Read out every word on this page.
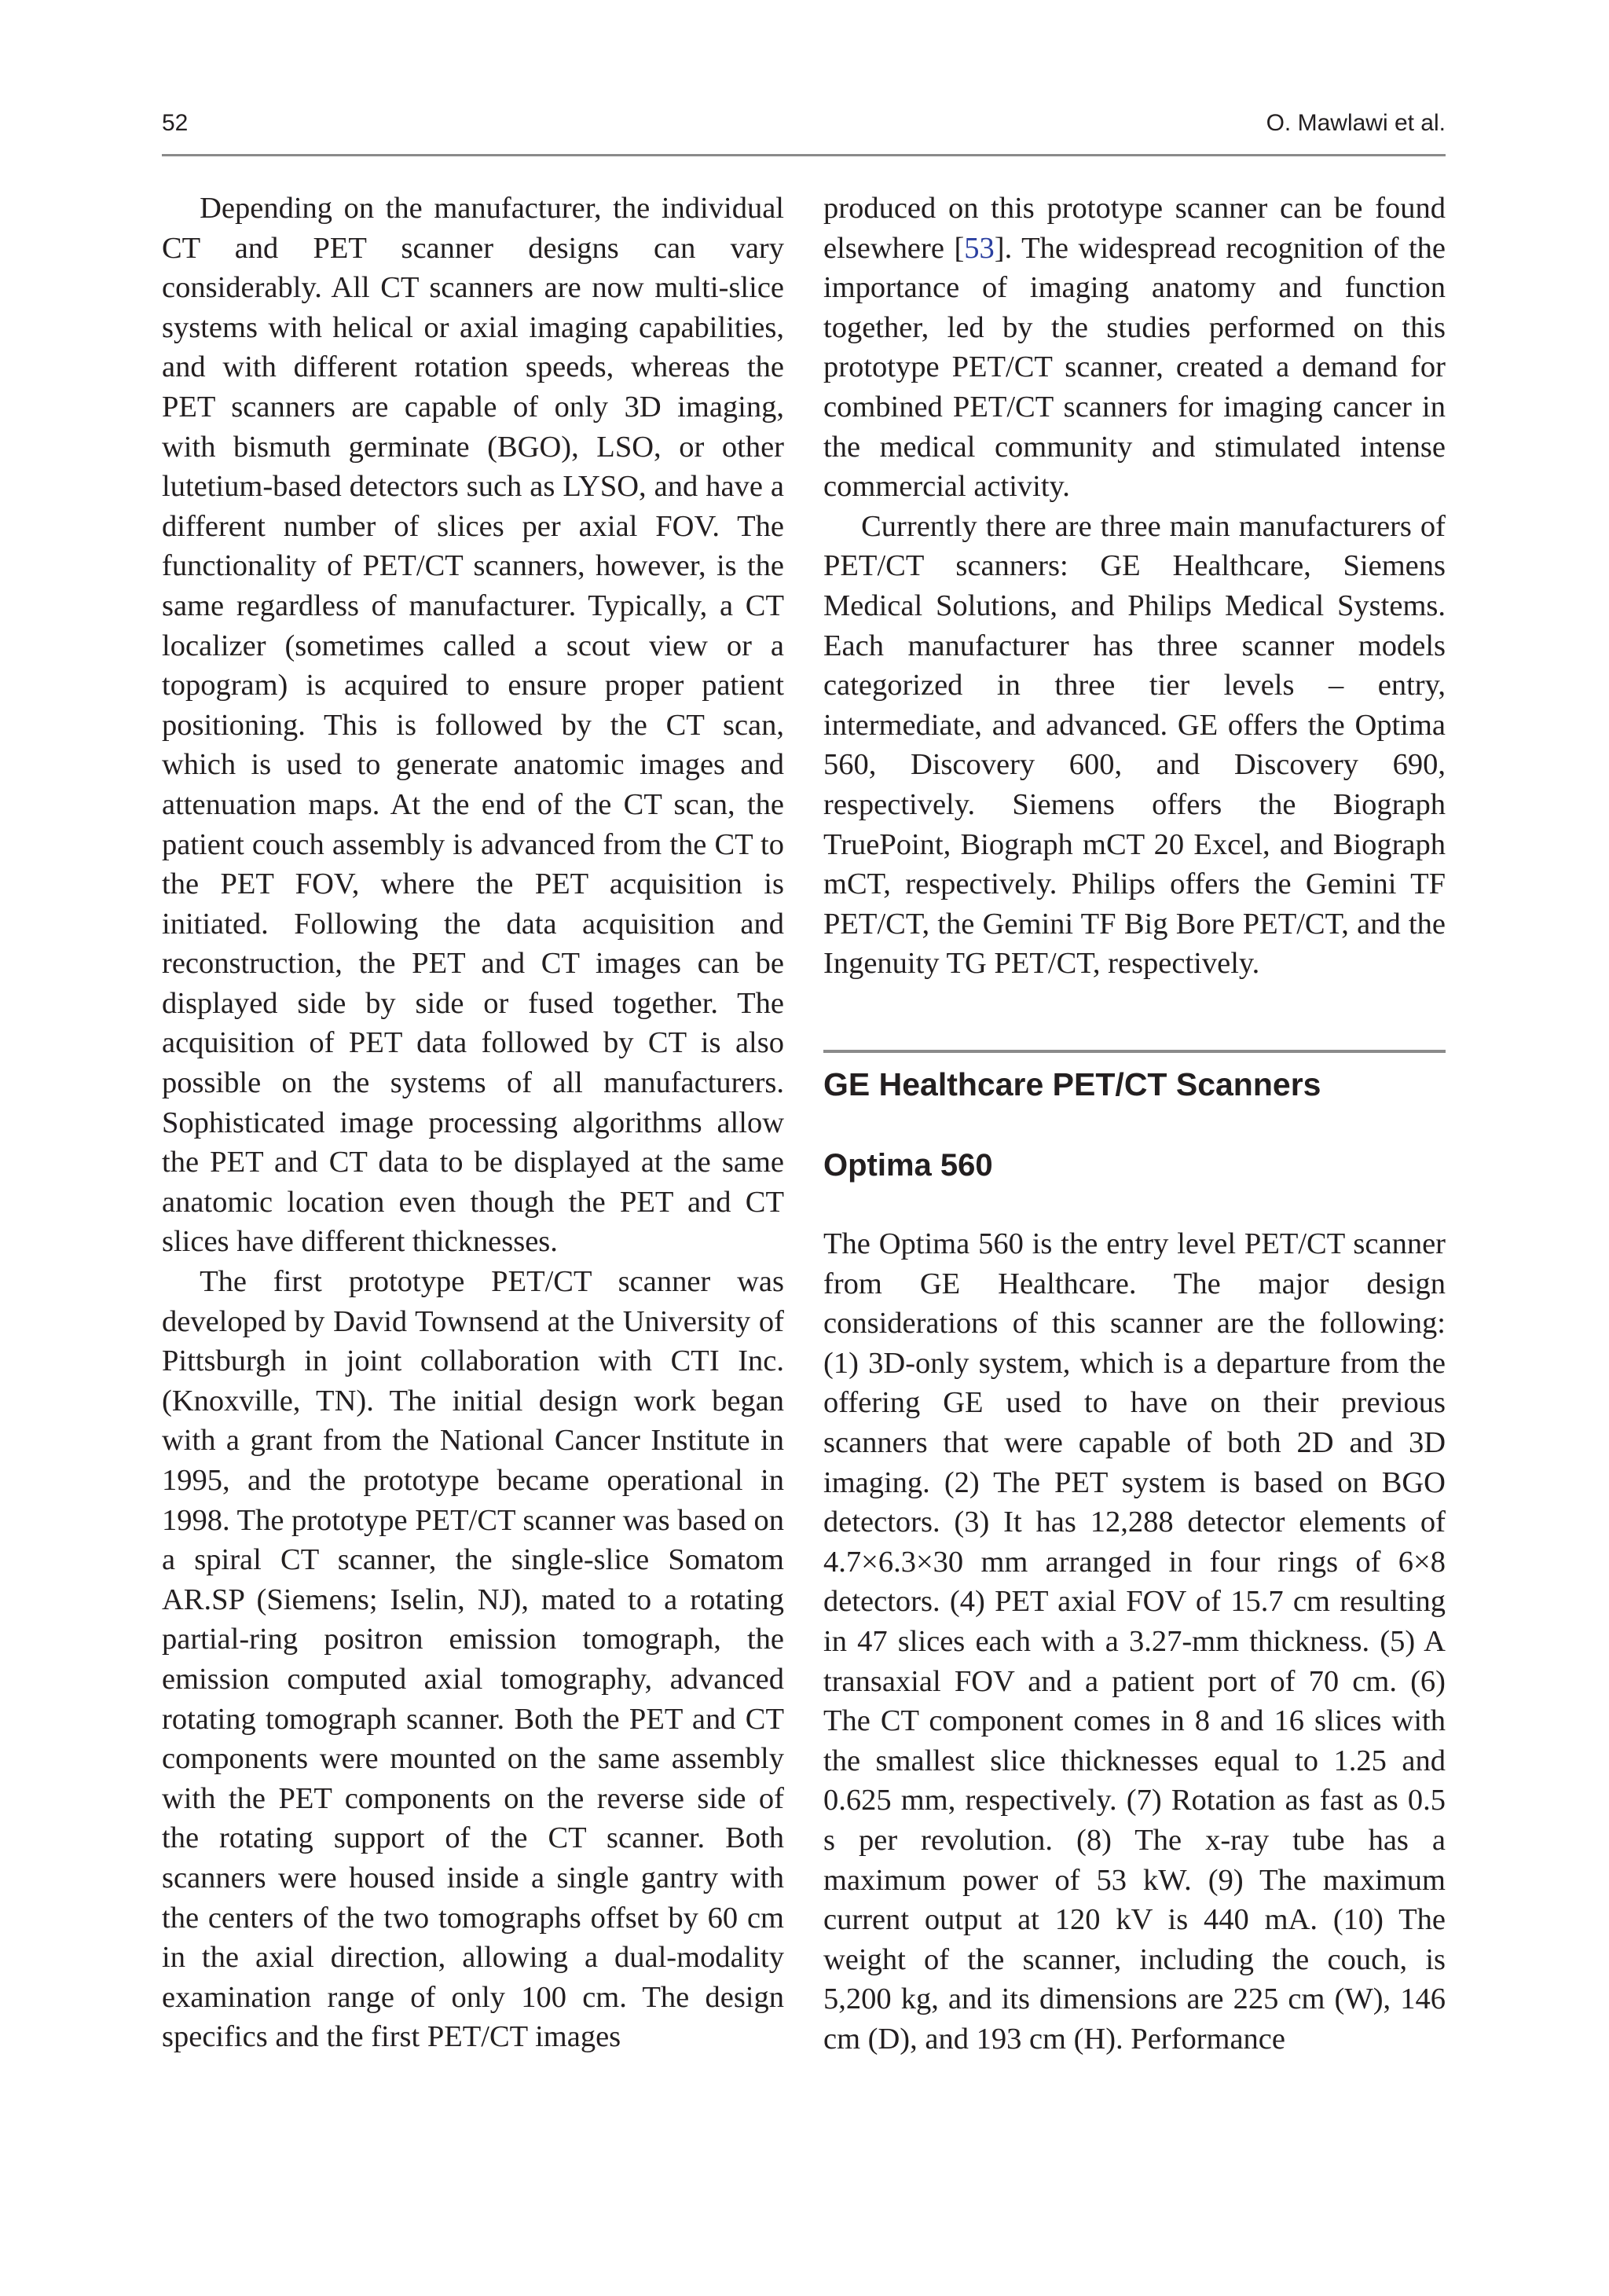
52	O. Mawlawi et al.

Depending on the manufacturer, the individual CT and PET scanner designs can vary considerably. All CT scanners are now multi-slice systems with helical or axial imaging capabilities, and with different rotation speeds, whereas the PET scanners are capable of only 3D imaging, with bismuth germinate (BGO), LSO, or other lutetium-based detectors such as LYSO, and have a different number of slices per axial FOV. The functionality of PET/CT scanners, however, is the same regardless of manufacturer. Typically, a CT localizer (sometimes called a scout view or a topogram) is acquired to ensure proper patient positioning. This is followed by the CT scan, which is used to generate anatomic images and attenuation maps. At the end of the CT scan, the patient couch assembly is advanced from the CT to the PET FOV, where the PET acquisition is initiated. Following the data acquisition and reconstruction, the PET and CT images can be displayed side by side or fused together. The acquisition of PET data followed by CT is also possible on the systems of all manufacturers. Sophisticated image processing algorithms allow the PET and CT data to be displayed at the same anatomic location even though the PET and CT slices have different thicknesses.

The first prototype PET/CT scanner was developed by David Townsend at the University of Pittsburgh in joint collaboration with CTI Inc. (Knoxville, TN). The initial design work began with a grant from the National Cancer Institute in 1995, and the prototype became operational in 1998. The prototype PET/CT scanner was based on a spiral CT scanner, the single-slice Somatom AR.SP (Siemens; Iselin, NJ), mated to a rotating partial-ring positron emission tomograph, the emission computed axial tomography, advanced rotating tomograph scanner. Both the PET and CT components were mounted on the same assembly with the PET components on the reverse side of the rotating support of the CT scanner. Both scanners were housed inside a single gantry with the centers of the two tomographs offset by 60 cm in the axial direction, allowing a dual-modality examination range of only 100 cm. The design specifics and the first PET/CT images

produced on this prototype scanner can be found elsewhere [53]. The widespread recognition of the importance of imaging anatomy and function together, led by the studies performed on this prototype PET/CT scanner, created a demand for combined PET/CT scanners for imaging cancer in the medical community and stimulated intense commercial activity.

Currently there are three main manufacturers of PET/CT scanners: GE Healthcare, Siemens Medical Solutions, and Philips Medical Systems. Each manufacturer has three scanner models categorized in three tier levels – entry, intermediate, and advanced. GE offers the Optima 560, Discovery 600, and Discovery 690, respectively. Siemens offers the Biograph TruePoint, Biograph mCT 20 Excel, and Biograph mCT, respectively. Philips offers the Gemini TF PET/CT, the Gemini TF Big Bore PET/CT, and the Ingenuity TG PET/CT, respectively.

GE Healthcare PET/CT Scanners
Optima 560

The Optima 560 is the entry level PET/CT scanner from GE Healthcare. The major design considerations of this scanner are the following: (1) 3D-only system, which is a departure from the offering GE used to have on their previous scanners that were capable of both 2D and 3D imaging. (2) The PET system is based on BGO detectors. (3) It has 12,288 detector elements of 4.7×6.3×30 mm arranged in four rings of 6×8 detectors. (4) PET axial FOV of 15.7 cm resulting in 47 slices each with a 3.27-mm thickness. (5) A transaxial FOV and a patient port of 70 cm. (6) The CT component comes in 8 and 16 slices with the smallest slice thicknesses equal to 1.25 and 0.625 mm, respectively. (7) Rotation as fast as 0.5 s per revolution. (8) The x-ray tube has a maximum power of 53 kW. (9) The maximum current output at 120 kV is 440 mA. (10) The weight of the scanner, including the couch, is 5,200 kg, and its dimensions are 225 cm (W), 146 cm (D), and 193 cm (H). Performance
